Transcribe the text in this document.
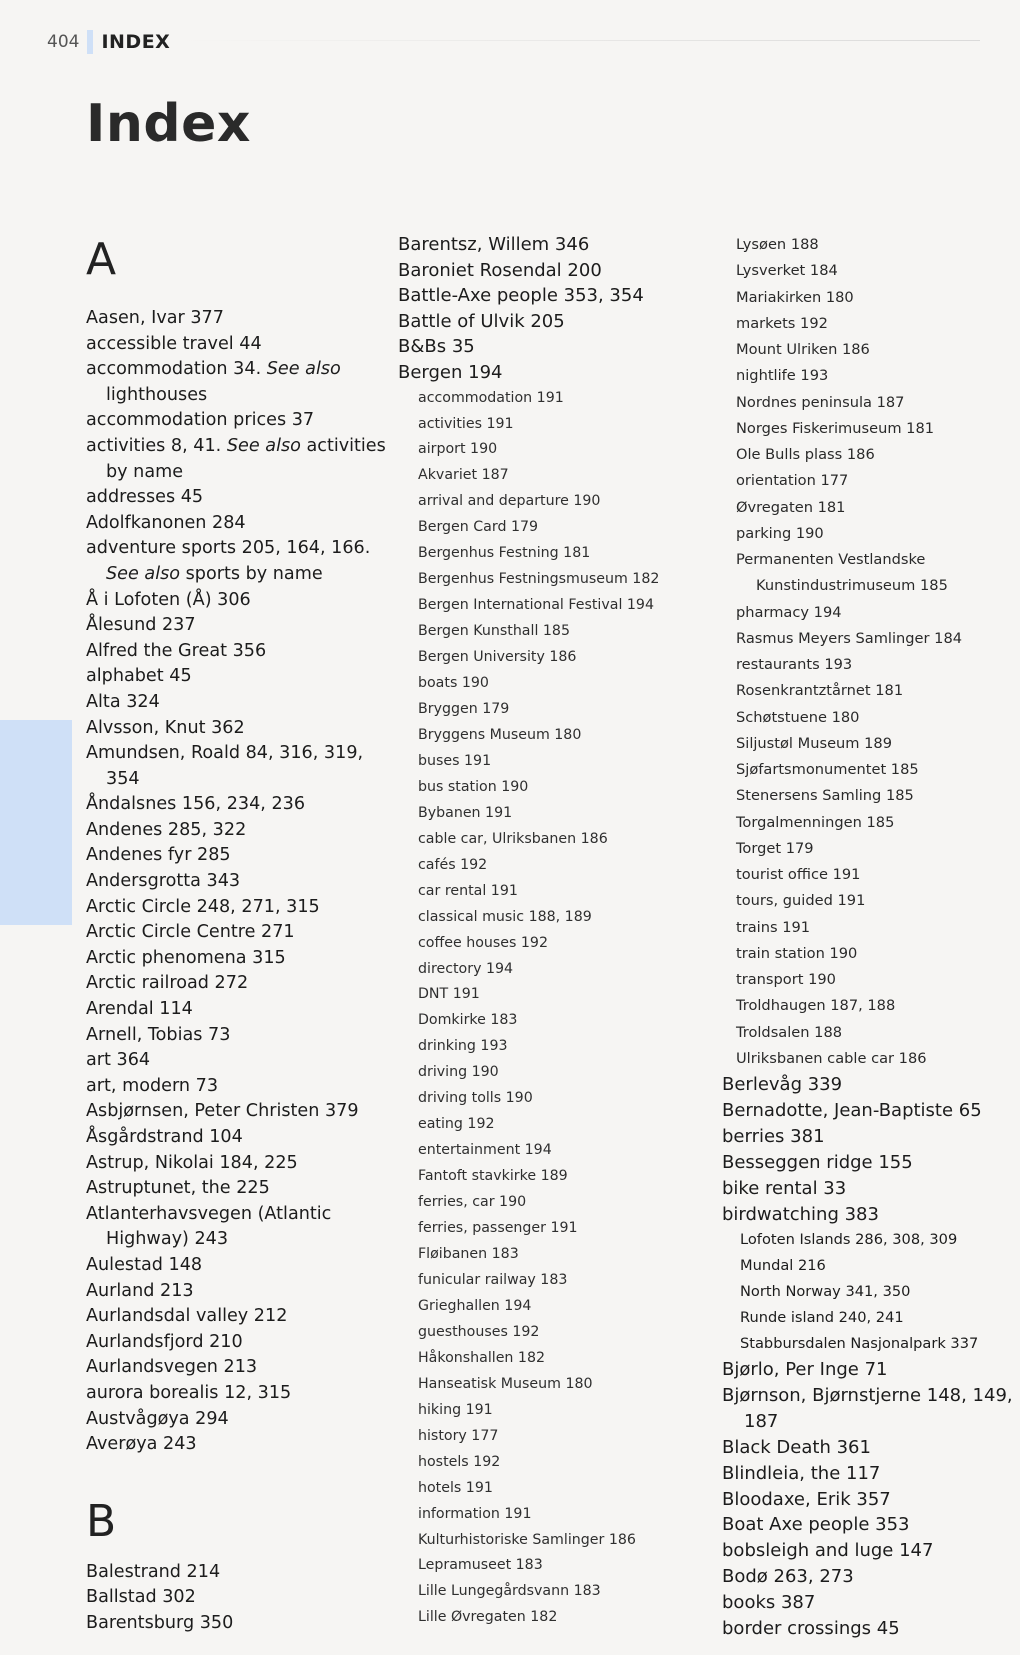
404 INDEX
Index
A
Aasen, Ivar 377
accessible travel 44
accommodation 34. See also lighthouses
accommodation prices 37
activities 8, 41. See also activities by name
addresses 45
Adolfkanonen 284
adventure sports 205, 164, 166. See also sports by name
Å i Lofoten (Å) 306
Ålesund 237
Alfred the Great 356
alphabet 45
Alta 324
Alvsson, Knut 362
Amundsen, Roald 84, 316, 319, 354
Åndalsnes 156, 234, 236
Andenes 285, 322
Andenes fyr 285
Andersgrotta 343
Arctic Circle 248, 271, 315
Arctic Circle Centre 271
Arctic phenomena 315
Arctic railroad 272
Arendal 114
Arnell, Tobias 73
art 364
art, modern 73
Asbjørnsen, Peter Christen 379
Åsgårdstrand 104
Astrup, Nikolai 184, 225
Astruptunet, the 225
Atlanterhavsvegen (Atlantic Highway) 243
Aulestad 148
Aurland 213
Aurlandsdal valley 212
Aurlandsfjord 210
Aurlandsvegen 213
aurora borealis 12, 315
Austvågøya 294
Averøya 243
B
Balestrand 214
Ballstad 302
Barentsburg 350
Barentsz, Willem 346
Baroniet Rosendal 200
Battle-Axe people 353, 354
Battle of Ulvik 205
B&Bs 35
Bergen 194
accommodation 191
activities 191
airport 190
Akvariet 187
arrival and departure 190
Bergen Card 179
Bergenhus Festning 181
Bergenhus Festningsmuseum 182
Bergen International Festival 194
Bergen Kunsthall 185
Bergen University 186
boats 190
Bryggen 179
Bryggens Museum 180
buses 191
bus station 190
Bybanen 191
cable car, Ulriksbanen 186
cafés 192
car rental 191
classical music 188, 189
coffee houses 192
directory 194
DNT 191
Domkirke 183
drinking 193
driving 190
driving tolls 190
eating 192
entertainment 194
Fantoft stavkirke 189
ferries, car 190
ferries, passenger 191
Fløibanen 183
funicular railway 183
Grieghallen 194
guesthouses 192
Håkonshallen 182
Hanseatisk Museum 180
hiking 191
history 177
hostels 192
hotels 191
information 191
Kulturhistoriske Samlinger 186
Lepramuseet 183
Lille Lungegårdsvann 183
Lille Øvregaten 182
Lysøen 188
Lysverket 184
Mariakirken 180
markets 192
Mount Ulriken 186
nightlife 193
Nordnes peninsula 187
Norges Fiskerimuseum 181
Ole Bulls plass 186
orientation 177
Øvregaten 181
parking 190
Permanenten Vestlandske Kunstindustrimuseum 185
pharmacy 194
Rasmus Meyers Samlinger 184
restaurants 193
Rosenkrantztårnet 181
Schøtstuene 180
Siljustøl Museum 189
Sjøfartsmonumentet 185
Stenersens Samling 185
Torgalmenningen 185
Torget 179
tourist office 191
tours, guided 191
trains 191
train station 190
transport 190
Troldhaugen 187, 188
Troldsalen 188
Ulriksbanen cable car 186
Berlevåg 339
Bernadotte, Jean-Baptiste 65
berries 381
Besseggen ridge 155
bike rental 33
birdwatching 383
Lofoten Islands 286, 308, 309
Mundal 216
North Norway 341, 350
Runde island 240, 241
Stabbursdalen Nasjonalpark 337
Bjørlo, Per Inge 71
Bjørnson, Bjørnstjerne 148, 149, 187
Black Death 361
Blindleia, the 117
Bloodaxe, Erik 357
Boat Axe people 353
bobsleigh and luge 147
Bodø 263, 273
books 387
border crossings 45
